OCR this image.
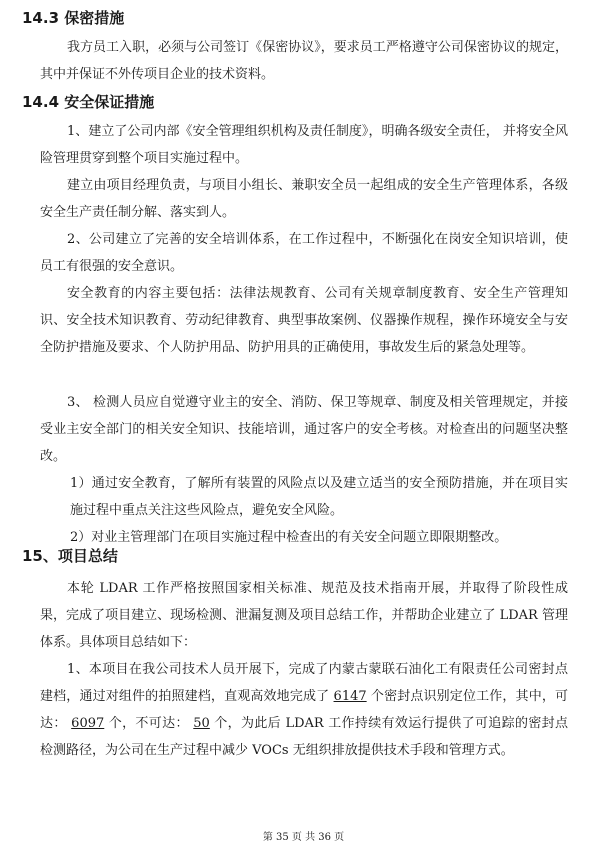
14.3 保密措施
我方员工入职，必须与公司签订《保密协议》，要求员工严格遵守公司保密协议的规定，其中并保证不外传项目企业的技术资料。
14.4 安全保证措施
1、建立了公司内部《安全管理组织机构及责任制度》，明确各级安全责任， 并将安全风险管理贯穿到整个项目实施过程中。
建立由项目经理负责，与项目小组长、兼职安全员一起组成的安全生产管理体系，各级安全生产责任制分解、落实到人。
2、公司建立了完善的安全培训体系，在工作过程中，不断强化在岗安全知识培训，使员工有很强的安全意识。
安全教育的内容主要包括：法律法规教育、公司有关规章制度教育、安全生产管理知识、安全技术知识教育、劳动纪律教育、典型事故案例、仪器操作规程，操作环境安全与安全防护措施及要求、个人防护用品、防护用具的正确使用，事故发生后的紧急处理等。
3、 检测人员应自觉遵守业主的安全、消防、保卫等规章、制度及相关管理规定，并接受业主安全部门的相关安全知识、技能培训，通过客户的安全考核。对检查出的问题坚决整改。
1）通过安全教育，了解所有装置的风险点以及建立适当的安全预防措施，并在项目实施过程中重点关注这些风险点，避免安全风险。
2）对业主管理部门在项目实施过程中检查出的有关安全问题立即限期整改。
15、项目总结
本轮 LDAR 工作严格按照国家相关标准、规范及技术指南开展，并取得了阶段性成果，完成了项目建立、现场检测、泄漏复测及项目总结工作，并帮助企业建立了 LDAR 管理体系。具体项目总结如下：
1、本项目在我公司技术人员开展下，完成了内蒙古蒙联石油化工有限责任公司密封点建档，通过对组件的拍照建档，直观高效地完成了 6147 个密封点识别定位工作，其中，可达： 6097 个，不可达： 50 个，为此后 LDAR 工作持续有效运行提供了可追踪的密封点检测路径，为公司在生产过程中减少 VOCs 无组织排放提供技术手段和管理方式。
第 35 页 共 36 页
